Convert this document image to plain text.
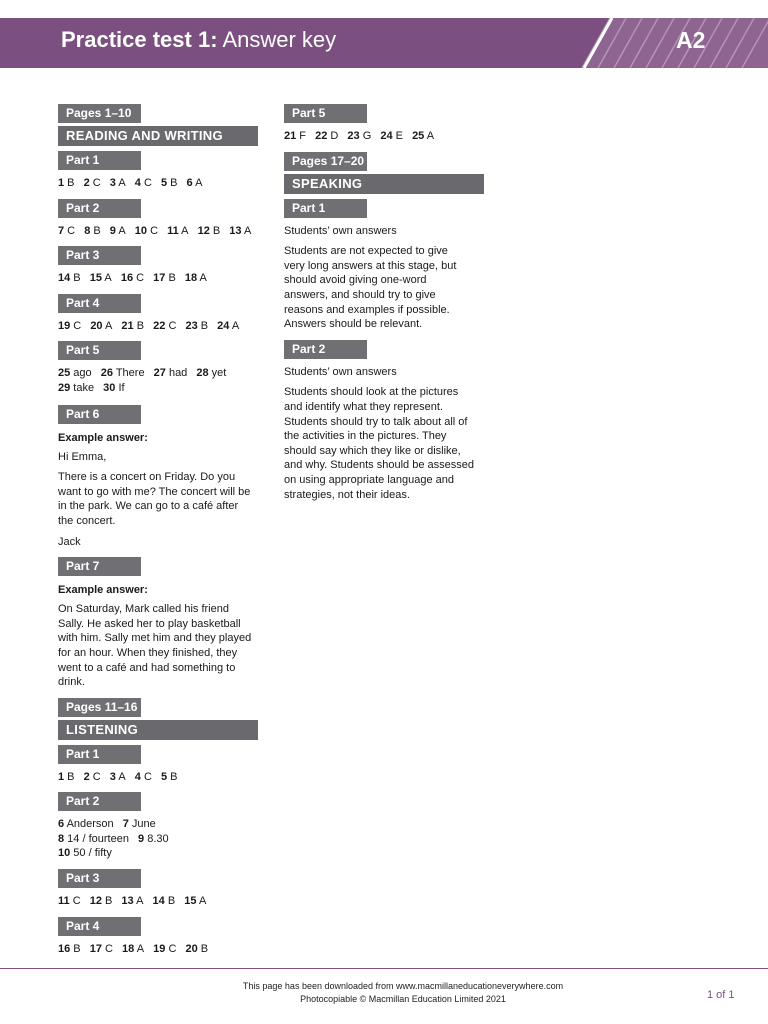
Practice test 1: Answer key	A2
Pages 1–10
READING AND WRITING
Part 1
1 B 2 C 3 A 4 C 5 B 6 A
Part 2
7 C 8 B 9 A 10 C 11 A 12 B 13 A
Part 3
14 B 15 A 16 C 17 B 18 A
Part 4
19 C 20 A 21 B 22 C 23 B 24 A
Part 5
25 ago 26 There 27 had 28 yet 29 take 30 If
Part 6
Example answer:
Hi Emma,
There is a concert on Friday. Do you want to go with me? The concert will be in the park. We can go to a café after the concert.
Jack
Part 7
Example answer:
On Saturday, Mark called his friend Sally. He asked her to play basketball with him. Sally met him and they played for an hour. When they finished, they went to a café and had something to drink.
Pages 11–16
LISTENING
Part 1
1 B 2 C 3 A 4 C 5 B
Part 2
6 Anderson 7 June 8 14 / fourteen 9 8.30 10 50 / fifty
Part 3
11 C 12 B 13 A 14 B 15 A
Part 4
16 B 17 C 18 A 19 C 20 B
Part 5
21 F 22 D 23 G 24 E 25 A
Pages 17–20
SPEAKING
Part 1
Students’ own answers
Students are not expected to give very long answers at this stage, but should avoid giving one-word answers, and should try to give reasons and examples if possible. Answers should be relevant.
Part 2
Students’ own answers
Students should look at the pictures and identify what they represent. Students should try to talk about all of the activities in the pictures. They should say which they like or dislike, and why. Students should be assessed on using appropriate language and strategies, not their ideas.
This page has been downloaded from www.macmillaneducationeverywhere.com
Photocopiable © Macmillan Education Limited 2021	1 of 1
